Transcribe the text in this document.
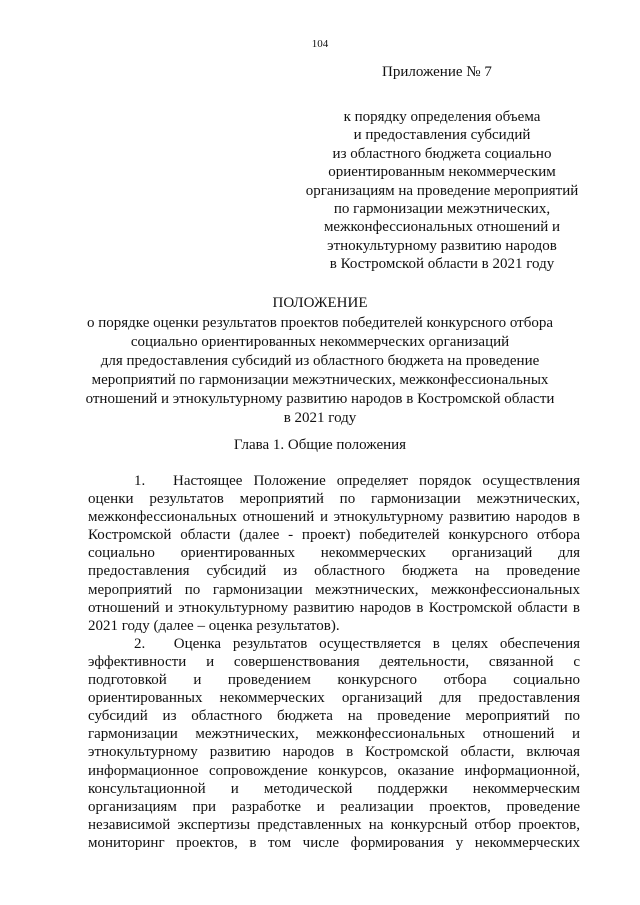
104
Приложение № 7
к порядку определения объема
и предоставления субсидий
из областного бюджета социально
ориентированным некоммерческим
организациям на проведение мероприятий
по гармонизации межэтнических,
межконфессиональных отношений и
этнокультурному развитию народов
в Костромской области в 2021 году
ПОЛОЖЕНИЕ
о порядке оценки результатов проектов победителей конкурсного отбора
социально ориентированных некоммерческих организаций
для предоставления субсидий из областного бюджета на проведение
мероприятий по гармонизации межэтнических, межконфессиональных
отношений и этнокультурному развитию народов в Костромской области
в 2021 году
Глава 1. Общие положения

1. Настоящее Положение определяет порядок осуществления
оценки результатов мероприятий по гармонизации межэтнических,
межконфессиональных отношений и этнокультурному развитию народов в
Костромской области (далее - проект) победителей конкурсного отбора
социально ориентированных некоммерческих организаций для
предоставления субсидий из областного бюджета на проведение
мероприятий по гармонизации межэтнических, межконфессиональных
отношений и этнокультурному развитию народов в Костромской области в
2021 году (далее – оценка результатов).

2. Оценка результатов осуществляется в целях обеспечения
эффективности и совершенствования деятельности, связанной с
подготовкой и проведением конкурсного отбора социально
ориентированных некоммерческих организаций для предоставления
субсидий из областного бюджета на проведение мероприятий по
гармонизации межэтнических, межконфессиональных отношений и
этнокультурному развитию народов в Костромской области, включая
информационное сопровождение конкурсов, оказание информационной,
консультационной и методической поддержки некоммерческим
организациям при разработке и реализации проектов, проведение
независимой экспертизы представленных на конкурсный отбор проектов,
мониторинг проектов, в том числе формирования у некоммерческих
